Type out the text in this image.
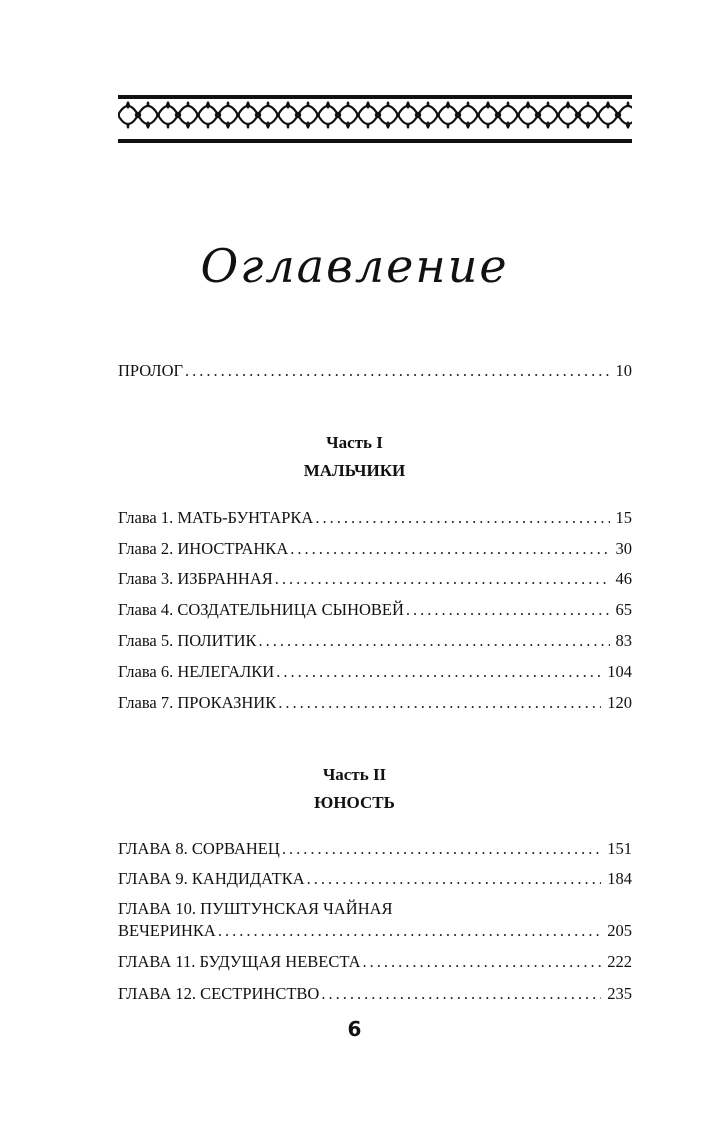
Оглавление
ПРОЛОГ .....	10
Часть I
МАЛЬЧИКИ
Глава 1. МАТЬ-БУНТАРКА .....	15
Глава 2. ИНОСТРАНКА .....	30
Глава 3. ИЗБРАННАЯ .....	46
Глава 4. СОЗДАТЕЛЬНИЦА СЫНОВЕЙ .....	65
Глава 5. ПОЛИТИК .....	83
Глава 6. НЕЛЕГАЛКИ .....	104
Глава 7. ПРОКАЗНИК .....	120
Часть II
ЮНОСТЬ
ГЛАВА 8. СОРВАНЕЦ .....	151
ГЛАВА 9. КАНДИДАТКА .....	184
ГЛАВА 10. ПУШТУНСКАЯ ЧАЙНАЯ
ВЕЧЕРИНКА .....	205
ГЛАВА 11. БУДУЩАЯ НЕВЕСТА .....	222
ГЛАВА 12. СЕСТРИНСТВО .....	235
6
